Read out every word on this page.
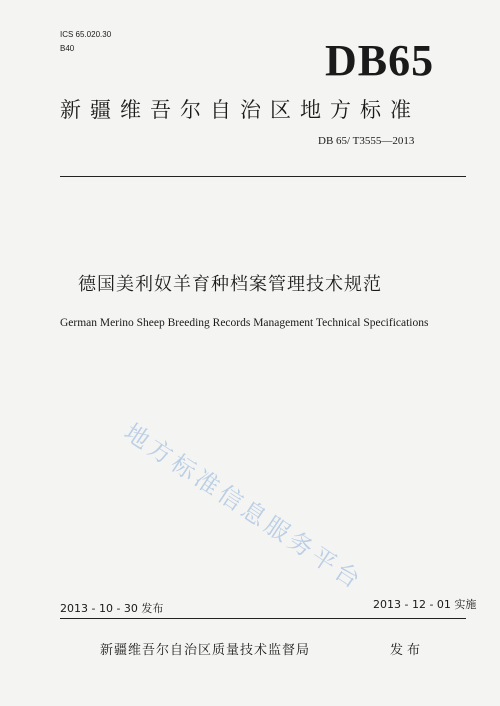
ICS 65.020.30
B40	DB65
新疆维吾尔自治区地方标准
DB 65/ T3555—2013
德国美利奴羊育种档案管理技术规范
German Merino Sheep Breeding Records Management Technical Specifications
地方标准信息服务平台
2013 - 10 - 30 发布	2013 - 12 - 01 实施
新疆维吾尔自治区质量技术监督局	发布
